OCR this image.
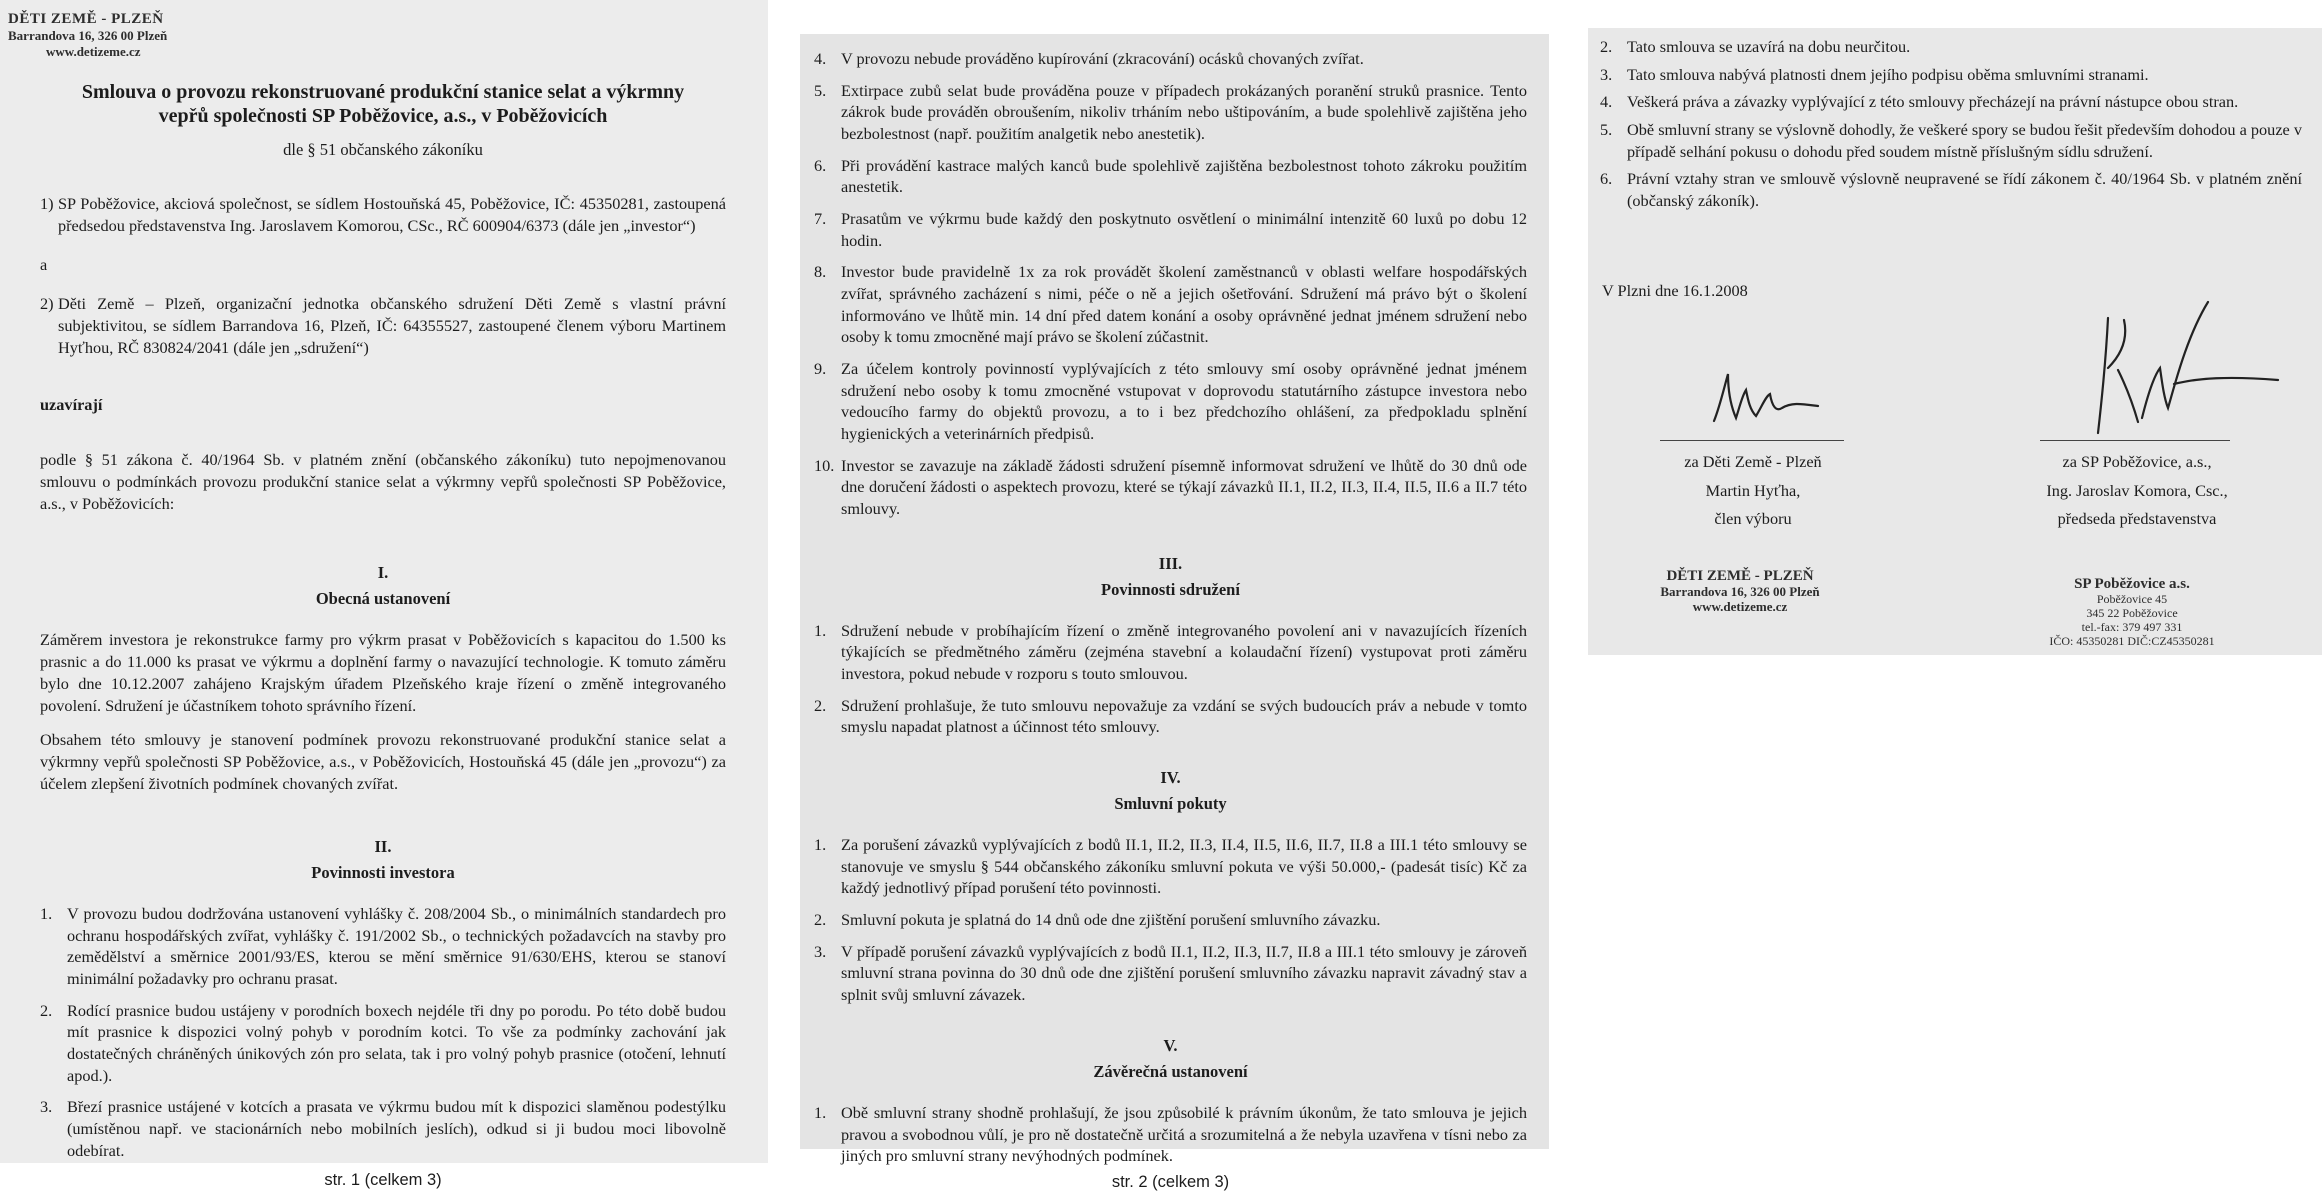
DĚTI ZEMĚ - PLZEŇ
Barrandova 16, 326 00 Plzeň
www.detizeme.cz
Smlouva o provozu rekonstruované produkční stanice selat a výkrmny vepřů společnosti SP Poběžovice, a.s., v Poběžovicích

dle § 51 občanského zákoníku

1) SP Poběžovice, akciová společnost, se sídlem Hostouňská 45, Poběžovice, IČ: 45350281, zastoupená předsedou představenstva Ing. Jaroslavem Komorou, CSc., RČ 600904/6373 (dále jen „investor“)

a

2) Děti Země – Plzeň, organizační jednotka občanského sdružení Děti Země s vlastní právní subjektivitou, se sídlem Barrandova 16, Plzeň, IČ: 64355527, zastoupené členem výboru Martinem Hyťhou, RČ 830824/2041 (dále jen „sdružení“)

uzavírají

podle § 51 zákona č. 40/1964 Sb. v platném znění (občanského zákoníku) tuto nepojmenovanou smlouvu o podmínkách provozu produkční stanice selat a výkrmny vepřů společnosti SP Poběžovice, a.s., v Poběžovicích:

I.
Obecná ustanovení

Záměrem investora je rekonstrukce farmy pro výkrm prasat v Poběžovicích s kapacitou do 1.500 ks prasnic a do 11.000 ks prasat ve výkrmu a doplnění farmy o navazující technologie. K tomuto záměru bylo dne 10.12.2007 zahájeno Krajským úřadem Plzeňského kraje řízení o změně integrovaného povolení. Sdružení je účastníkem tohoto správního řízení.

Obsahem této smlouvy je stanovení podmínek provozu rekonstruované produkční stanice selat a výkrmny vepřů společnosti SP Poběžovice, a.s., v Poběžovicích, Hostouňská 45 (dále jen „provozu“) za účelem zlepšení životních podmínek chovaných zvířat.

II.
Povinnosti investora
1. V provozu budou dodržována ustanovení vyhlášky č. 208/2004 Sb., o minimálních standardech pro ochranu hospodářských zvířat, vyhlášky č. 191/2002 Sb., o technických požadavcích na stavby pro zemědělství a směrnice 2001/93/ES, kterou se mění směrnice 91/630/EHS, kterou se stanoví minimální požadavky pro ochranu prasat.
2. Rodící prasnice budou ustájeny v porodních boxech nejdéle tři dny po porodu. Po této době budou mít prasnice k dispozici volný pohyb v porodním kotci. To vše za podmínky zachování jak dostatečných chráněných únikových zón pro selata, tak i pro volný pohyb prasnice (otočení, lehnutí apod.).
3. Březí prasnice ustájené v kotcích a prasata ve výkrmu budou mít k dispozici slaměnou podestýlku (umístěnou např. ve stacionárních nebo mobilních jeslích), odkud si ji budou moci libovolně odebírat.
str. 1 (celkem 3)
4. V provozu nebude prováděno kupírování (zkracování) ocásků chovaných zvířat.
5. Extirpace zubů selat bude prováděna pouze v případech prokázaných poranění struků prasnice. Tento zákrok bude prováděn obroušením, nikoliv trháním nebo uštipováním, a bude spolehlivě zajištěna jeho bezbolestnost (např. použitím analgetik nebo anestetik).
6. Při provádění kastrace malých kanců bude spolehlivě zajištěna bezbolestnost tohoto zákroku použitím anestetik.
7. Prasatům ve výkrmu bude každý den poskytnuto osvětlení o minimální intenzitě 60 luxů po dobu 12 hodin.
8. Investor bude pravidelně 1x za rok provádět školení zaměstnanců v oblasti welfare hospodářských zvířat, správného zacházení s nimi, péče o ně a jejich ošetřování. Sdružení má právo být o školení informováno ve lhůtě min. 14 dní před datem konání a osoby oprávněné jednat jménem sdružení nebo osoby k tomu zmocněné mají právo se školení zúčastnit.
9. Za účelem kontroly povinností vyplývajících z této smlouvy smí osoby oprávněné jednat jménem sdružení nebo osoby k tomu zmocněné vstupovat v doprovodu statutárního zástupce investora nebo vedoucího farmy do objektů provozu, a to i bez předchozího ohlášení, za předpokladu splnění hygienických a veterinárních předpisů.
10. Investor se zavazuje na základě žádosti sdružení písemně informovat sdružení ve lhůtě do 30 dnů ode dne doručení žádosti o aspektech provozu, které se týkají závazků II.1, II.2, II.3, II.4, II.5, II.6 a II.7 této smlouvy.
III.
Povinnosti sdružení
1. Sdružení nebude v probíhajícím řízení o změně integrovaného povolení ani v navazujících řízeních týkajících se předmětného záměru (zejména stavební a kolaudační řízení) vystupovat proti záměru investora, pokud nebude v rozporu s touto smlouvou.
2. Sdružení prohlašuje, že tuto smlouvu nepovažuje za vzdání se svých budoucích práv a nebude v tomto smyslu napadat platnost a účinnost této smlouvy.
IV.
Smluvní pokuty
1. Za porušení závazků vyplývajících z bodů II.1, II.2, II.3, II.4, II.5, II.6, II.7, II.8 a III.1 této smlouvy se stanovuje ve smyslu § 544 občanského zákoníku smluvní pokuta ve výši 50.000,- (padesát tisíc) Kč za každý jednotlivý případ porušení této povinnosti.
2. Smluvní pokuta je splatná do 14 dnů ode dne zjištění porušení smluvního závazku.
3. V případě porušení závazků vyplývajících z bodů II.1, II.2, II.3, II.7, II.8 a III.1 této smlouvy je zároveň smluvní strana povinna do 30 dnů ode dne zjištění porušení smluvního závazku napravit závadný stav a splnit svůj smluvní závazek.
V.
Závěrečná ustanovení
1. Obě smluvní strany shodně prohlašují, že jsou způsobilé k právním úkonům, že tato smlouva je jejich pravou a svobodnou vůlí, je pro ně dostatečně určitá a srozumitelná a že nebyla uzavřena v tísni nebo za jiných pro smluvní strany nevýhodných podmínek.
str. 2 (celkem 3)
2. Tato smlouva se uzavírá na dobu neurčitou.
3. Tato smlouva nabývá platnosti dnem jejího podpisu oběma smluvními stranami.
4. Veškerá práva a závazky vyplývající z této smlouvy přecházejí na právní nástupce obou stran.
5. Obě smluvní strany se výslovně dohodly, že veškeré spory se budou řešit především dohodou a pouze v případě selhání pokusu o dohodu před soudem místně příslušným sídlu sdružení.
6. Právní vztahy stran ve smlouvě výslovně neupravené se řídí zákonem č. 40/1964 Sb. v platném znění (občanský zákoník).

V Plzni dne 16.1.2008

za Děti Země - Plzeň
Martin Hyťha,
člen výboru
za SP Poběžovice, a.s.,
Ing. Jaroslav Komora, Csc.,
předseda představenstva
DĚTI ZEMĚ - PLZEŇ
Barrandova 16, 326 00 Plzeň
www.detizeme.cz
SP Poběžovice a.s.
Poběžovice 45
345 22 Poběžovice
tel.-fax: 379 497 331
IČO: 45350281 DIČ:CZ45350281
